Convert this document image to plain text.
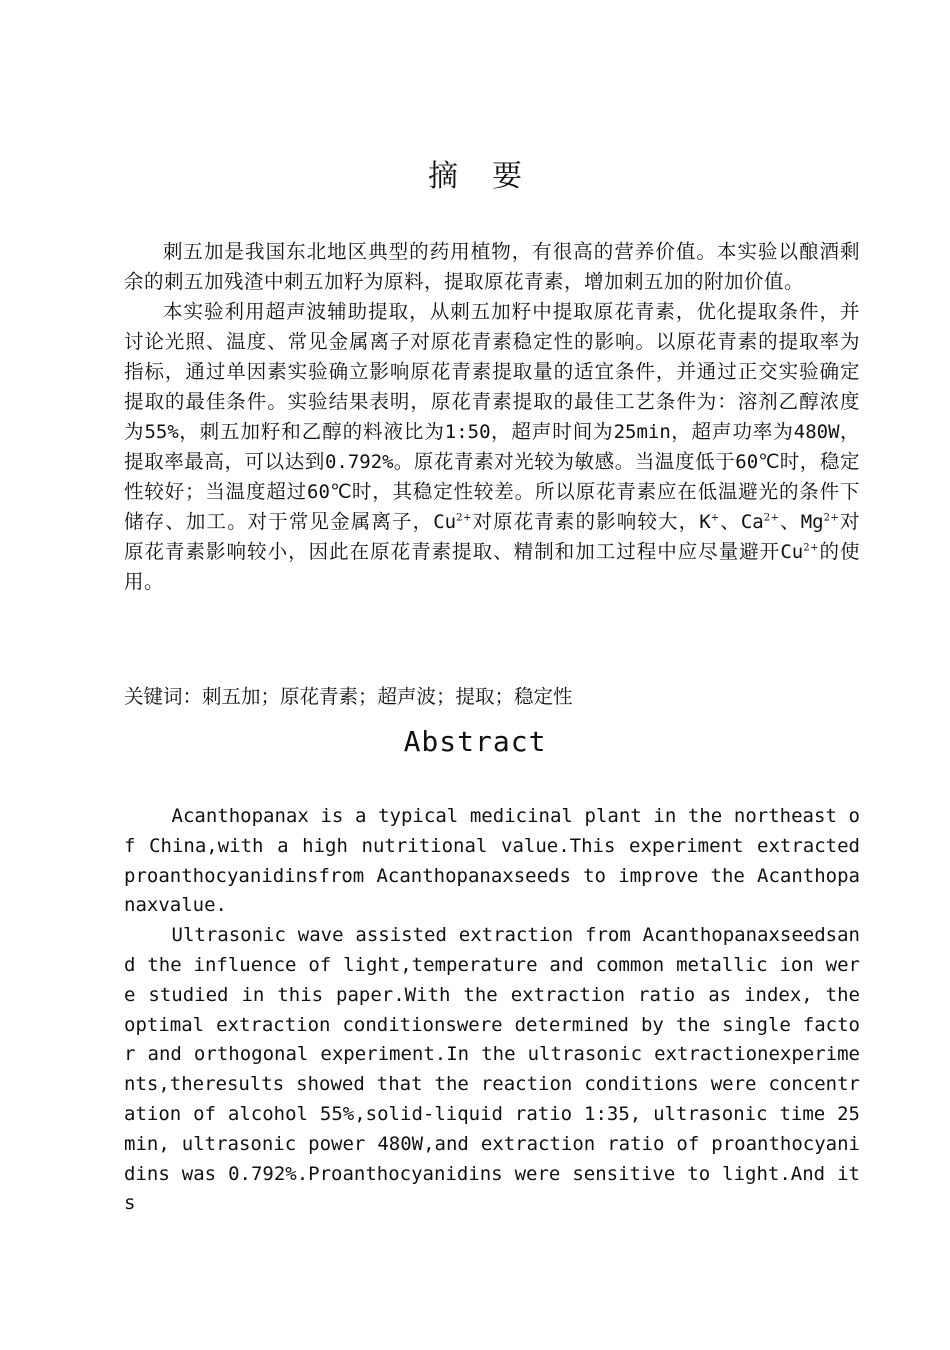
摘要

刺五加是我国东北地区典型的药用植物，有很高的营养价值。本实验以酿酒剩余的刺五加残渣中刺五加籽为原料，提取原花青素，增加刺五加的附加价值。

本实验利用超声波辅助提取，从刺五加籽中提取原花青素，优化提取条件，并讨论光照、温度、常见金属离子对原花青素稳定性的影响。以原花青素的提取率为指标，通过单因素实验确立影响原花青素提取量的适宜条件，并通过正交实验确定提取的最佳条件。实验结果表明，原花青素提取的最佳工艺条件为：溶剂乙醇浓度为55%，刺五加籽和乙醇的料液比为1:50，超声时间为25min，超声功率为480W，提取率最高，可以达到0.792%。原花青素对光较为敏感。当温度低于60℃时，稳定性较好；当温度超过60℃时，其稳定性较差。所以原花青素应在低温避光的条件下储存、加工。对于常见金属离子，$Cu^{2+}$对原花青素的影响较大，K+、$Ca^{2+}$、$Mg^{2+}$对原花青素影响较小，因此在原花青素提取、精制和加工过程中应尽量避开$Cu^{2+}$的使用。

关键词：刺五加；原花青素；超声波；提取；稳定性

Abstract

Acanthopanax is a typical medicinal plant in the northeast of China,with a high nutritional value.This experiment extracted proanthocyanidinsfrom Acanthopanaxseeds to improve the Acanthopanaxvalue.

Ultrasonic wave assisted extraction from Acanthopanaxseedsand the influence of light,temperature and common metallic ion were studied in this paper.With the extraction ratio as index, the optimal extraction conditionswere determined by the single factor and orthogonal experiment.In the ultrasonic extractionexperiments,theresults showed that the reaction conditions were concentration of alcohol 55%,solid-liquid ratio 1:35, ultrasonic time 25 min, ultrasonic power 480W,and extraction ratio of proanthocyanidins was 0.792%.Proanthocyanidins were sensitive to light.And its
